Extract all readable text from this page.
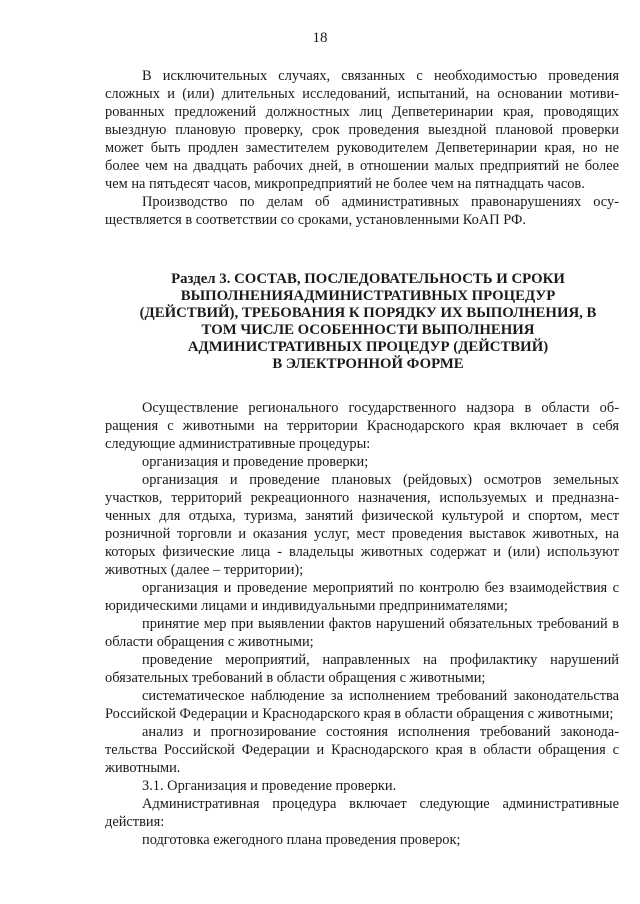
18

В исключительных случаях, связанных с необходимостью проведения сложных и (или) длительных исследований, испытаний, на основании мотивированных предложений должностных лиц Депветеринарии края, проводящих выездную плановую проверку, срок проведения выездной плановой проверки может быть продлен заместителем руководителем Депветеринарии края, но не более чем на двадцать рабочих дней, в отношении малых предприятий не более чем на пятьдесят часов, микропредприятий не более чем на пятнадцать часов.

Производство по делам об административных правонарушениях осуществляется в соответствии со сроками, установленными КоАП РФ.

Раздел 3. СОСТАВ, ПОСЛЕДОВАТЕЛЬНОСТЬ И СРОКИ
ВЫПОЛНЕНИЯАДМИНИСТРАТИВНЫХ ПРОЦЕДУР
(ДЕЙСТВИЙ), ТРЕБОВАНИЯ К ПОРЯДКУ ИХ ВЫПОЛНЕНИЯ, В
ТОМ ЧИСЛЕ ОСОБЕННОСТИ ВЫПОЛНЕНИЯ
АДМИНИСТРАТИВНЫХ ПРОЦЕДУР (ДЕЙСТВИЙ)
В ЭЛЕКТРОННОЙ ФОРМЕ

Осуществление регионального государственного надзора в области обращения с животными на территории Краснодарского края включает в себя следующие административные процедуры:

организация и проведение проверки;

организация и проведение плановых (рейдовых) осмотров земельных участков, территорий рекреационного назначения, используемых и предназначенных для отдыха, туризма, занятий физической культурой и спортом, мест розничной торговли и оказания услуг, мест проведения выставок животных, на которых физические лица - владельцы животных содержат и (или) используют животных (далее – территории);

организация и проведение мероприятий по контролю без взаимодействия с юридическими лицами и индивидуальными предпринимателями;

принятие мер при выявлении фактов нарушений обязательных требований в области обращения с животными;

проведение мероприятий, направленных на профилактику нарушений обязательных требований в области обращения с животными;

систематическое наблюдение за исполнением требований законодательства Российской Федерации и Краснодарского края в области обращения с животными;

анализ и прогнозирование состояния исполнения требований законодательства Российской Федерации и Краснодарского края в области обращения с животными.

3.1. Организация и проведение проверки.

Административная процедура включает следующие административные действия:

подготовка ежегодного плана проведения проверок;
